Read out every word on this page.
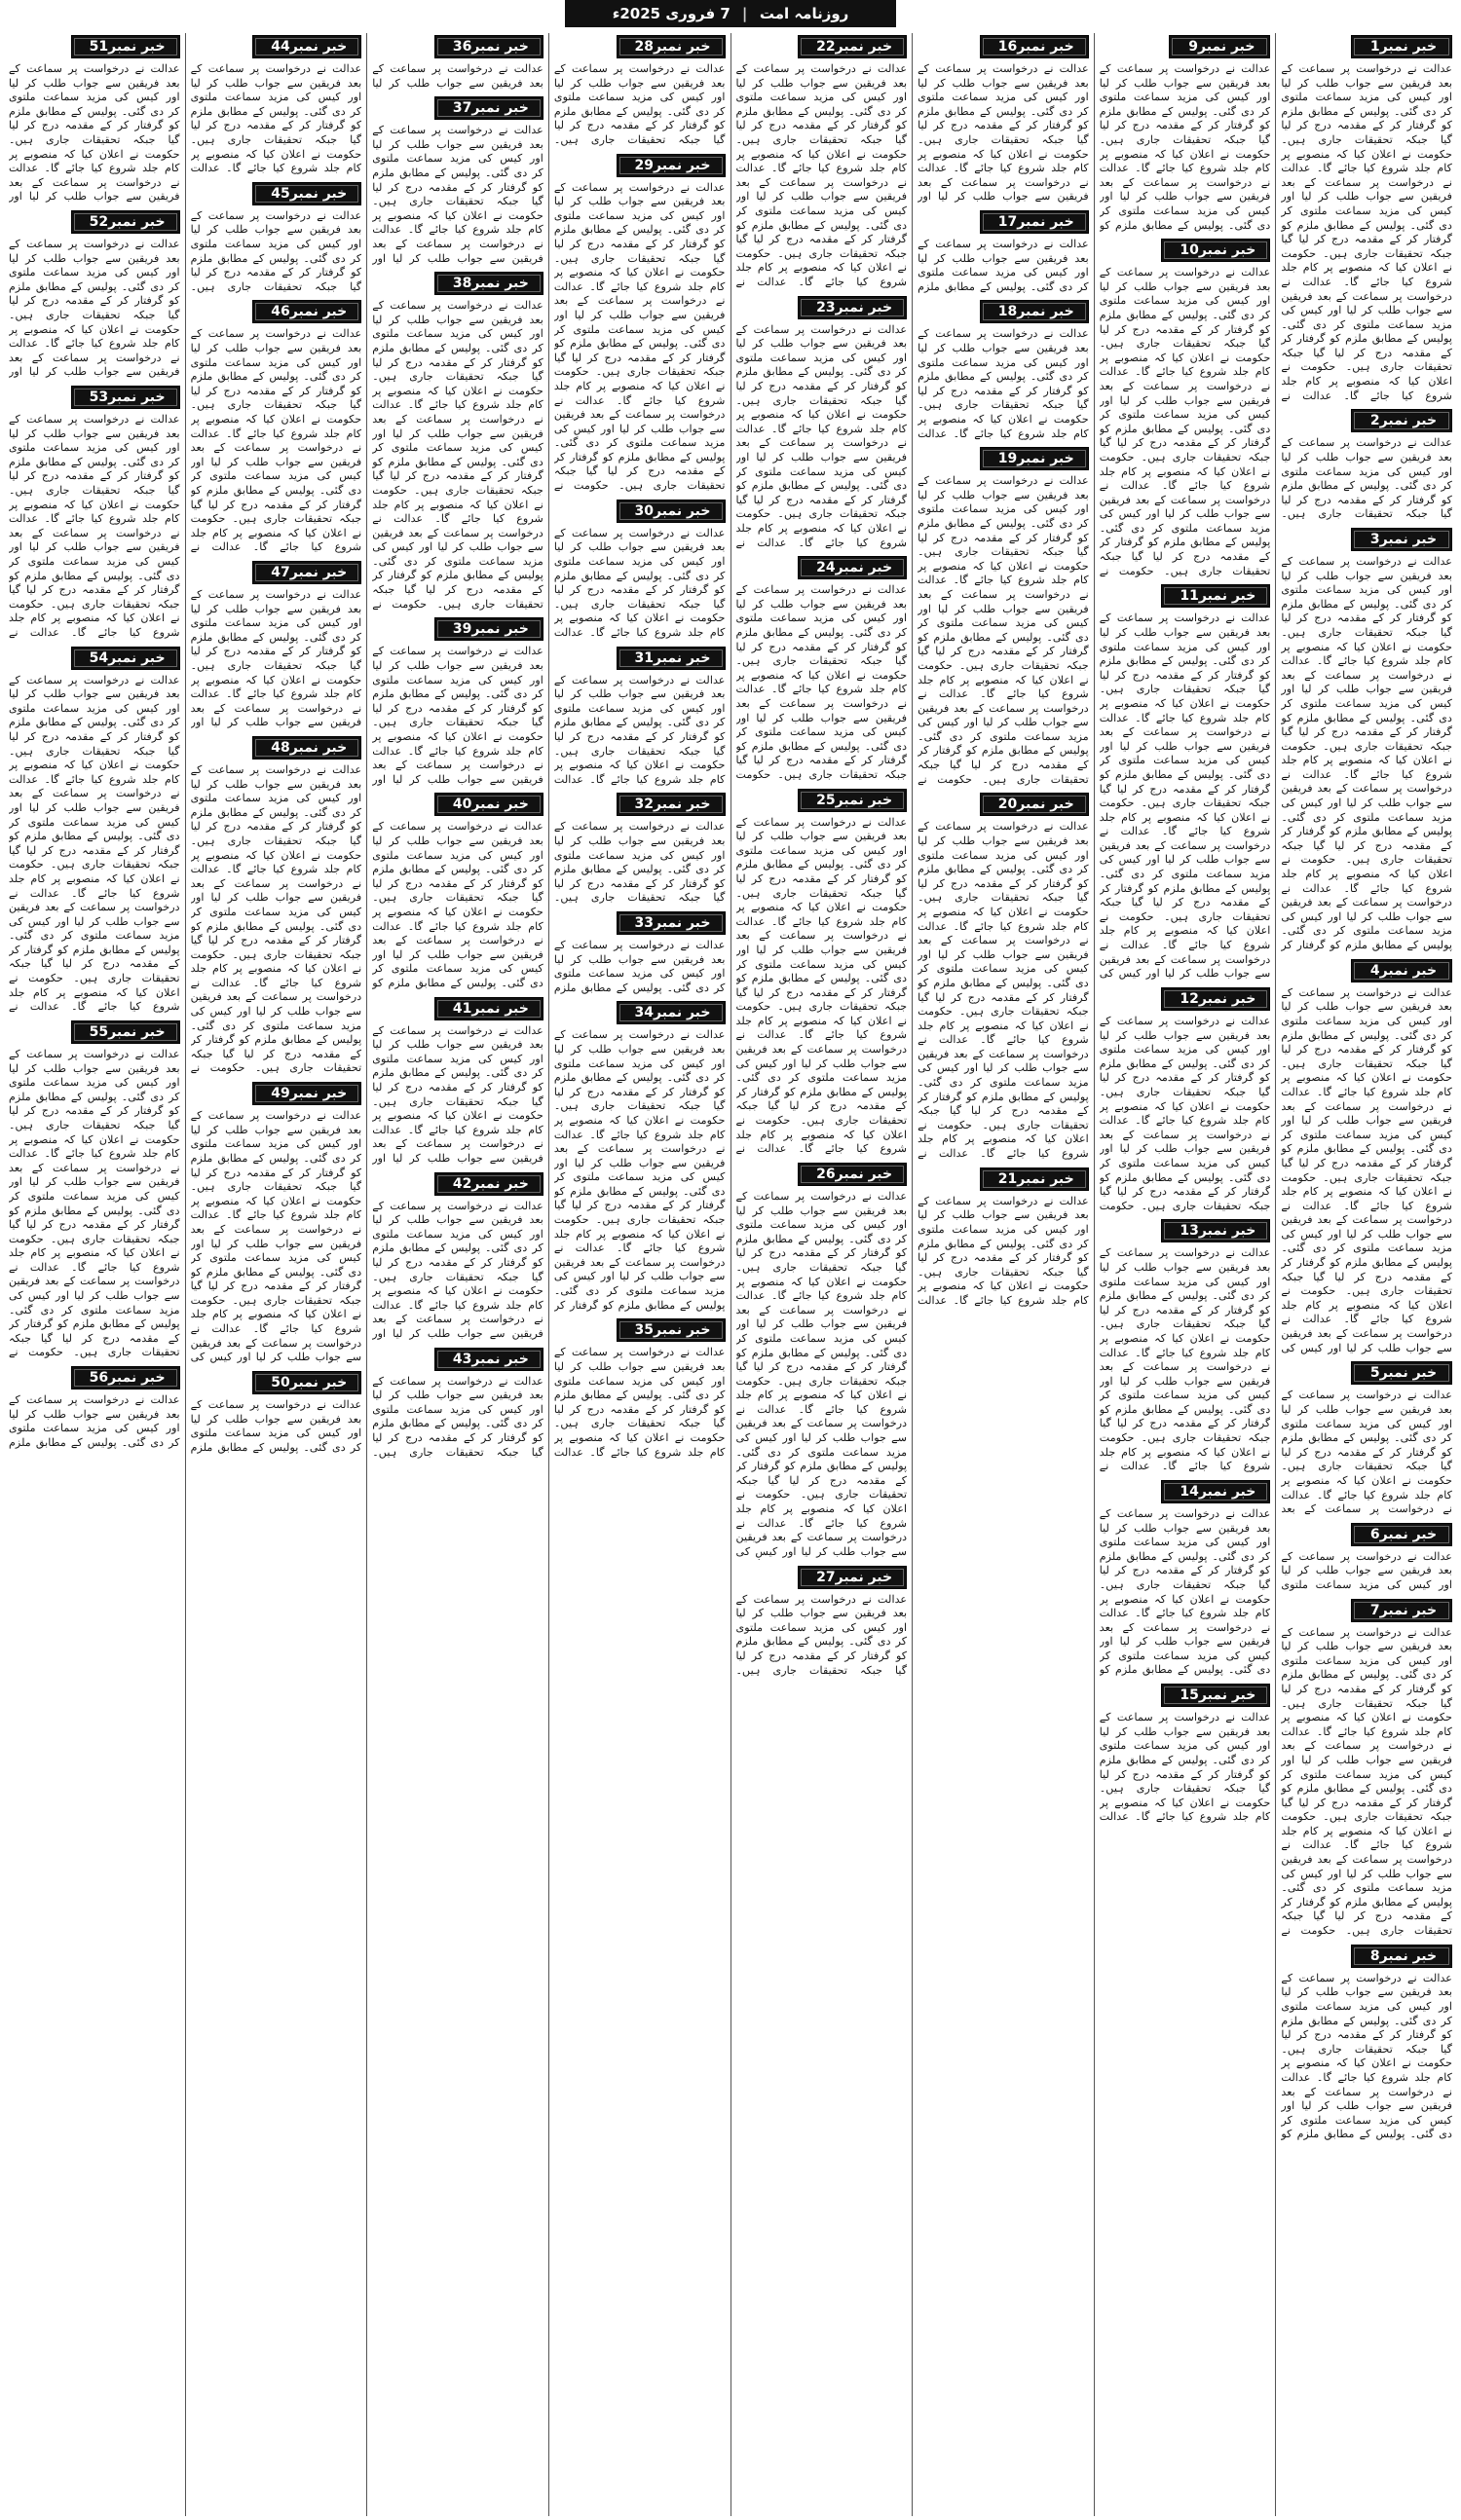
روزنامہ امت
|
7 فروری 2025ء
خبر نمبر1
عدالت نے درخواست پر سماعت کے بعد فریقین سے جواب طلب کر لیا اور کیس کی مزید سماعت ملتوی کر دی گئی۔ پولیس کے مطابق ملزم کو گرفتار کر کے مقدمہ درج کر لیا گیا جبکہ تحقیقات جاری ہیں۔ حکومت نے اعلان کیا کہ منصوبے پر کام جلد شروع کیا جائے گا۔ عدالت نے درخواست پر سماعت کے بعد فریقین سے جواب طلب کر لیا اور کیس کی مزید سماعت ملتوی کر دی گئی۔ پولیس کے مطابق ملزم کو گرفتار کر کے مقدمہ درج کر لیا گیا جبکہ تحقیقات جاری ہیں۔ حکومت نے اعلان کیا کہ منصوبے پر کام جلد شروع کیا جائے گا۔ عدالت نے درخواست پر سماعت کے بعد فریقین سے جواب طلب کر لیا اور کیس کی مزید سماعت ملتوی کر دی گئی۔ پولیس کے مطابق ملزم کو گرفتار کر کے مقدمہ درج کر لیا گیا جبکہ تحقیقات جاری ہیں۔ حکومت نے اعلان کیا کہ منصوبے پر کام جلد شروع کیا جائے گا۔ عدالت نے
خبر نمبر2
عدالت نے درخواست پر سماعت کے بعد فریقین سے جواب طلب کر لیا اور کیس کی مزید سماعت ملتوی کر دی گئی۔ پولیس کے مطابق ملزم کو گرفتار کر کے مقدمہ درج کر لیا گیا جبکہ تحقیقات جاری ہیں۔
خبر نمبر3
عدالت نے درخواست پر سماعت کے بعد فریقین سے جواب طلب کر لیا اور کیس کی مزید سماعت ملتوی کر دی گئی۔ پولیس کے مطابق ملزم کو گرفتار کر کے مقدمہ درج کر لیا گیا جبکہ تحقیقات جاری ہیں۔ حکومت نے اعلان کیا کہ منصوبے پر کام جلد شروع کیا جائے گا۔ عدالت نے درخواست پر سماعت کے بعد فریقین سے جواب طلب کر لیا اور کیس کی مزید سماعت ملتوی کر دی گئی۔ پولیس کے مطابق ملزم کو گرفتار کر کے مقدمہ درج کر لیا گیا جبکہ تحقیقات جاری ہیں۔ حکومت نے اعلان کیا کہ منصوبے پر کام جلد شروع کیا جائے گا۔ عدالت نے درخواست پر سماعت کے بعد فریقین سے جواب طلب کر لیا اور کیس کی مزید سماعت ملتوی کر دی گئی۔ پولیس کے مطابق ملزم کو گرفتار کر کے مقدمہ درج کر لیا گیا جبکہ تحقیقات جاری ہیں۔ حکومت نے اعلان کیا کہ منصوبے پر کام جلد شروع کیا جائے گا۔ عدالت نے درخواست پر سماعت کے بعد فریقین سے جواب طلب کر لیا اور کیس کی مزید سماعت ملتوی کر دی گئی۔ پولیس کے مطابق ملزم کو گرفتار کر
خبر نمبر4
عدالت نے درخواست پر سماعت کے بعد فریقین سے جواب طلب کر لیا اور کیس کی مزید سماعت ملتوی کر دی گئی۔ پولیس کے مطابق ملزم کو گرفتار کر کے مقدمہ درج کر لیا گیا جبکہ تحقیقات جاری ہیں۔ حکومت نے اعلان کیا کہ منصوبے پر کام جلد شروع کیا جائے گا۔ عدالت نے درخواست پر سماعت کے بعد فریقین سے جواب طلب کر لیا اور کیس کی مزید سماعت ملتوی کر دی گئی۔ پولیس کے مطابق ملزم کو گرفتار کر کے مقدمہ درج کر لیا گیا جبکہ تحقیقات جاری ہیں۔ حکومت نے اعلان کیا کہ منصوبے پر کام جلد شروع کیا جائے گا۔ عدالت نے درخواست پر سماعت کے بعد فریقین سے جواب طلب کر لیا اور کیس کی مزید سماعت ملتوی کر دی گئی۔ پولیس کے مطابق ملزم کو گرفتار کر کے مقدمہ درج کر لیا گیا جبکہ تحقیقات جاری ہیں۔ حکومت نے اعلان کیا کہ منصوبے پر کام جلد شروع کیا جائے گا۔ عدالت نے درخواست پر سماعت کے بعد فریقین سے جواب طلب کر لیا اور کیس کی
خبر نمبر5
عدالت نے درخواست پر سماعت کے بعد فریقین سے جواب طلب کر لیا اور کیس کی مزید سماعت ملتوی کر دی گئی۔ پولیس کے مطابق ملزم کو گرفتار کر کے مقدمہ درج کر لیا گیا جبکہ تحقیقات جاری ہیں۔ حکومت نے اعلان کیا کہ منصوبے پر کام جلد شروع کیا جائے گا۔ عدالت نے درخواست پر سماعت کے بعد
خبر نمبر6
عدالت نے درخواست پر سماعت کے بعد فریقین سے جواب طلب کر لیا اور کیس کی مزید سماعت ملتوی
خبر نمبر7
عدالت نے درخواست پر سماعت کے بعد فریقین سے جواب طلب کر لیا اور کیس کی مزید سماعت ملتوی کر دی گئی۔ پولیس کے مطابق ملزم کو گرفتار کر کے مقدمہ درج کر لیا گیا جبکہ تحقیقات جاری ہیں۔ حکومت نے اعلان کیا کہ منصوبے پر کام جلد شروع کیا جائے گا۔ عدالت نے درخواست پر سماعت کے بعد فریقین سے جواب طلب کر لیا اور کیس کی مزید سماعت ملتوی کر دی گئی۔ پولیس کے مطابق ملزم کو گرفتار کر کے مقدمہ درج کر لیا گیا جبکہ تحقیقات جاری ہیں۔ حکومت نے اعلان کیا کہ منصوبے پر کام جلد شروع کیا جائے گا۔ عدالت نے درخواست پر سماعت کے بعد فریقین سے جواب طلب کر لیا اور کیس کی مزید سماعت ملتوی کر دی گئی۔ پولیس کے مطابق ملزم کو گرفتار کر کے مقدمہ درج کر لیا گیا جبکہ تحقیقات جاری ہیں۔ حکومت نے
خبر نمبر8
عدالت نے درخواست پر سماعت کے بعد فریقین سے جواب طلب کر لیا اور کیس کی مزید سماعت ملتوی کر دی گئی۔ پولیس کے مطابق ملزم کو گرفتار کر کے مقدمہ درج کر لیا گیا جبکہ تحقیقات جاری ہیں۔ حکومت نے اعلان کیا کہ منصوبے پر کام جلد شروع کیا جائے گا۔ عدالت نے درخواست پر سماعت کے بعد فریقین سے جواب طلب کر لیا اور کیس کی مزید سماعت ملتوی کر دی گئی۔ پولیس کے مطابق ملزم کو
خبر نمبر9
عدالت نے درخواست پر سماعت کے بعد فریقین سے جواب طلب کر لیا اور کیس کی مزید سماعت ملتوی کر دی گئی۔ پولیس کے مطابق ملزم کو گرفتار کر کے مقدمہ درج کر لیا گیا جبکہ تحقیقات جاری ہیں۔ حکومت نے اعلان کیا کہ منصوبے پر کام جلد شروع کیا جائے گا۔ عدالت نے درخواست پر سماعت کے بعد فریقین سے جواب طلب کر لیا اور کیس کی مزید سماعت ملتوی کر دی گئی۔ پولیس کے مطابق ملزم کو
خبر نمبر10
عدالت نے درخواست پر سماعت کے بعد فریقین سے جواب طلب کر لیا اور کیس کی مزید سماعت ملتوی کر دی گئی۔ پولیس کے مطابق ملزم کو گرفتار کر کے مقدمہ درج کر لیا گیا جبکہ تحقیقات جاری ہیں۔ حکومت نے اعلان کیا کہ منصوبے پر کام جلد شروع کیا جائے گا۔ عدالت نے درخواست پر سماعت کے بعد فریقین سے جواب طلب کر لیا اور کیس کی مزید سماعت ملتوی کر دی گئی۔ پولیس کے مطابق ملزم کو گرفتار کر کے مقدمہ درج کر لیا گیا جبکہ تحقیقات جاری ہیں۔ حکومت نے اعلان کیا کہ منصوبے پر کام جلد شروع کیا جائے گا۔ عدالت نے درخواست پر سماعت کے بعد فریقین سے جواب طلب کر لیا اور کیس کی مزید سماعت ملتوی کر دی گئی۔ پولیس کے مطابق ملزم کو گرفتار کر کے مقدمہ درج کر لیا گیا جبکہ تحقیقات جاری ہیں۔ حکومت نے
خبر نمبر11
عدالت نے درخواست پر سماعت کے بعد فریقین سے جواب طلب کر لیا اور کیس کی مزید سماعت ملتوی کر دی گئی۔ پولیس کے مطابق ملزم کو گرفتار کر کے مقدمہ درج کر لیا گیا جبکہ تحقیقات جاری ہیں۔ حکومت نے اعلان کیا کہ منصوبے پر کام جلد شروع کیا جائے گا۔ عدالت نے درخواست پر سماعت کے بعد فریقین سے جواب طلب کر لیا اور کیس کی مزید سماعت ملتوی کر دی گئی۔ پولیس کے مطابق ملزم کو گرفتار کر کے مقدمہ درج کر لیا گیا جبکہ تحقیقات جاری ہیں۔ حکومت نے اعلان کیا کہ منصوبے پر کام جلد شروع کیا جائے گا۔ عدالت نے درخواست پر سماعت کے بعد فریقین سے جواب طلب کر لیا اور کیس کی مزید سماعت ملتوی کر دی گئی۔ پولیس کے مطابق ملزم کو گرفتار کر کے مقدمہ درج کر لیا گیا جبکہ تحقیقات جاری ہیں۔ حکومت نے اعلان کیا کہ منصوبے پر کام جلد شروع کیا جائے گا۔ عدالت نے درخواست پر سماعت کے بعد فریقین سے جواب طلب کر لیا اور کیس کی
خبر نمبر12
عدالت نے درخواست پر سماعت کے بعد فریقین سے جواب طلب کر لیا اور کیس کی مزید سماعت ملتوی کر دی گئی۔ پولیس کے مطابق ملزم کو گرفتار کر کے مقدمہ درج کر لیا گیا جبکہ تحقیقات جاری ہیں۔ حکومت نے اعلان کیا کہ منصوبے پر کام جلد شروع کیا جائے گا۔ عدالت نے درخواست پر سماعت کے بعد فریقین سے جواب طلب کر لیا اور کیس کی مزید سماعت ملتوی کر دی گئی۔ پولیس کے مطابق ملزم کو گرفتار کر کے مقدمہ درج کر لیا گیا جبکہ تحقیقات جاری ہیں۔ حکومت
خبر نمبر13
عدالت نے درخواست پر سماعت کے بعد فریقین سے جواب طلب کر لیا اور کیس کی مزید سماعت ملتوی کر دی گئی۔ پولیس کے مطابق ملزم کو گرفتار کر کے مقدمہ درج کر لیا گیا جبکہ تحقیقات جاری ہیں۔ حکومت نے اعلان کیا کہ منصوبے پر کام جلد شروع کیا جائے گا۔ عدالت نے درخواست پر سماعت کے بعد فریقین سے جواب طلب کر لیا اور کیس کی مزید سماعت ملتوی کر دی گئی۔ پولیس کے مطابق ملزم کو گرفتار کر کے مقدمہ درج کر لیا گیا جبکہ تحقیقات جاری ہیں۔ حکومت نے اعلان کیا کہ منصوبے پر کام جلد شروع کیا جائے گا۔ عدالت نے
خبر نمبر14
عدالت نے درخواست پر سماعت کے بعد فریقین سے جواب طلب کر لیا اور کیس کی مزید سماعت ملتوی کر دی گئی۔ پولیس کے مطابق ملزم کو گرفتار کر کے مقدمہ درج کر لیا گیا جبکہ تحقیقات جاری ہیں۔ حکومت نے اعلان کیا کہ منصوبے پر کام جلد شروع کیا جائے گا۔ عدالت نے درخواست پر سماعت کے بعد فریقین سے جواب طلب کر لیا اور کیس کی مزید سماعت ملتوی کر دی گئی۔ پولیس کے مطابق ملزم کو
خبر نمبر15
عدالت نے درخواست پر سماعت کے بعد فریقین سے جواب طلب کر لیا اور کیس کی مزید سماعت ملتوی کر دی گئی۔ پولیس کے مطابق ملزم کو گرفتار کر کے مقدمہ درج کر لیا گیا جبکہ تحقیقات جاری ہیں۔ حکومت نے اعلان کیا کہ منصوبے پر کام جلد شروع کیا جائے گا۔ عدالت
خبر نمبر16
عدالت نے درخواست پر سماعت کے بعد فریقین سے جواب طلب کر لیا اور کیس کی مزید سماعت ملتوی کر دی گئی۔ پولیس کے مطابق ملزم کو گرفتار کر کے مقدمہ درج کر لیا گیا جبکہ تحقیقات جاری ہیں۔ حکومت نے اعلان کیا کہ منصوبے پر کام جلد شروع کیا جائے گا۔ عدالت نے درخواست پر سماعت کے بعد فریقین سے جواب طلب کر لیا اور
خبر نمبر17
عدالت نے درخواست پر سماعت کے بعد فریقین سے جواب طلب کر لیا اور کیس کی مزید سماعت ملتوی کر دی گئی۔ پولیس کے مطابق ملزم
خبر نمبر18
عدالت نے درخواست پر سماعت کے بعد فریقین سے جواب طلب کر لیا اور کیس کی مزید سماعت ملتوی کر دی گئی۔ پولیس کے مطابق ملزم کو گرفتار کر کے مقدمہ درج کر لیا گیا جبکہ تحقیقات جاری ہیں۔ حکومت نے اعلان کیا کہ منصوبے پر کام جلد شروع کیا جائے گا۔ عدالت
خبر نمبر19
عدالت نے درخواست پر سماعت کے بعد فریقین سے جواب طلب کر لیا اور کیس کی مزید سماعت ملتوی کر دی گئی۔ پولیس کے مطابق ملزم کو گرفتار کر کے مقدمہ درج کر لیا گیا جبکہ تحقیقات جاری ہیں۔ حکومت نے اعلان کیا کہ منصوبے پر کام جلد شروع کیا جائے گا۔ عدالت نے درخواست پر سماعت کے بعد فریقین سے جواب طلب کر لیا اور کیس کی مزید سماعت ملتوی کر دی گئی۔ پولیس کے مطابق ملزم کو گرفتار کر کے مقدمہ درج کر لیا گیا جبکہ تحقیقات جاری ہیں۔ حکومت نے اعلان کیا کہ منصوبے پر کام جلد شروع کیا جائے گا۔ عدالت نے درخواست پر سماعت کے بعد فریقین سے جواب طلب کر لیا اور کیس کی مزید سماعت ملتوی کر دی گئی۔ پولیس کے مطابق ملزم کو گرفتار کر کے مقدمہ درج کر لیا گیا جبکہ تحقیقات جاری ہیں۔ حکومت نے
خبر نمبر20
عدالت نے درخواست پر سماعت کے بعد فریقین سے جواب طلب کر لیا اور کیس کی مزید سماعت ملتوی کر دی گئی۔ پولیس کے مطابق ملزم کو گرفتار کر کے مقدمہ درج کر لیا گیا جبکہ تحقیقات جاری ہیں۔ حکومت نے اعلان کیا کہ منصوبے پر کام جلد شروع کیا جائے گا۔ عدالت نے درخواست پر سماعت کے بعد فریقین سے جواب طلب کر لیا اور کیس کی مزید سماعت ملتوی کر دی گئی۔ پولیس کے مطابق ملزم کو گرفتار کر کے مقدمہ درج کر لیا گیا جبکہ تحقیقات جاری ہیں۔ حکومت نے اعلان کیا کہ منصوبے پر کام جلد شروع کیا جائے گا۔ عدالت نے درخواست پر سماعت کے بعد فریقین سے جواب طلب کر لیا اور کیس کی مزید سماعت ملتوی کر دی گئی۔ پولیس کے مطابق ملزم کو گرفتار کر کے مقدمہ درج کر لیا گیا جبکہ تحقیقات جاری ہیں۔ حکومت نے اعلان کیا کہ منصوبے پر کام جلد شروع کیا جائے گا۔ عدالت نے
خبر نمبر21
عدالت نے درخواست پر سماعت کے بعد فریقین سے جواب طلب کر لیا اور کیس کی مزید سماعت ملتوی کر دی گئی۔ پولیس کے مطابق ملزم کو گرفتار کر کے مقدمہ درج کر لیا گیا جبکہ تحقیقات جاری ہیں۔ حکومت نے اعلان کیا کہ منصوبے پر کام جلد شروع کیا جائے گا۔ عدالت
خبر نمبر22
عدالت نے درخواست پر سماعت کے بعد فریقین سے جواب طلب کر لیا اور کیس کی مزید سماعت ملتوی کر دی گئی۔ پولیس کے مطابق ملزم کو گرفتار کر کے مقدمہ درج کر لیا گیا جبکہ تحقیقات جاری ہیں۔ حکومت نے اعلان کیا کہ منصوبے پر کام جلد شروع کیا جائے گا۔ عدالت نے درخواست پر سماعت کے بعد فریقین سے جواب طلب کر لیا اور کیس کی مزید سماعت ملتوی کر دی گئی۔ پولیس کے مطابق ملزم کو گرفتار کر کے مقدمہ درج کر لیا گیا جبکہ تحقیقات جاری ہیں۔ حکومت نے اعلان کیا کہ منصوبے پر کام جلد شروع کیا جائے گا۔ عدالت نے
خبر نمبر23
عدالت نے درخواست پر سماعت کے بعد فریقین سے جواب طلب کر لیا اور کیس کی مزید سماعت ملتوی کر دی گئی۔ پولیس کے مطابق ملزم کو گرفتار کر کے مقدمہ درج کر لیا گیا جبکہ تحقیقات جاری ہیں۔ حکومت نے اعلان کیا کہ منصوبے پر کام جلد شروع کیا جائے گا۔ عدالت نے درخواست پر سماعت کے بعد فریقین سے جواب طلب کر لیا اور کیس کی مزید سماعت ملتوی کر دی گئی۔ پولیس کے مطابق ملزم کو گرفتار کر کے مقدمہ درج کر لیا گیا جبکہ تحقیقات جاری ہیں۔ حکومت نے اعلان کیا کہ منصوبے پر کام جلد شروع کیا جائے گا۔ عدالت نے
خبر نمبر24
عدالت نے درخواست پر سماعت کے بعد فریقین سے جواب طلب کر لیا اور کیس کی مزید سماعت ملتوی کر دی گئی۔ پولیس کے مطابق ملزم کو گرفتار کر کے مقدمہ درج کر لیا گیا جبکہ تحقیقات جاری ہیں۔ حکومت نے اعلان کیا کہ منصوبے پر کام جلد شروع کیا جائے گا۔ عدالت نے درخواست پر سماعت کے بعد فریقین سے جواب طلب کر لیا اور کیس کی مزید سماعت ملتوی کر دی گئی۔ پولیس کے مطابق ملزم کو گرفتار کر کے مقدمہ درج کر لیا گیا جبکہ تحقیقات جاری ہیں۔ حکومت
خبر نمبر25
عدالت نے درخواست پر سماعت کے بعد فریقین سے جواب طلب کر لیا اور کیس کی مزید سماعت ملتوی کر دی گئی۔ پولیس کے مطابق ملزم کو گرفتار کر کے مقدمہ درج کر لیا گیا جبکہ تحقیقات جاری ہیں۔ حکومت نے اعلان کیا کہ منصوبے پر کام جلد شروع کیا جائے گا۔ عدالت نے درخواست پر سماعت کے بعد فریقین سے جواب طلب کر لیا اور کیس کی مزید سماعت ملتوی کر دی گئی۔ پولیس کے مطابق ملزم کو گرفتار کر کے مقدمہ درج کر لیا گیا جبکہ تحقیقات جاری ہیں۔ حکومت نے اعلان کیا کہ منصوبے پر کام جلد شروع کیا جائے گا۔ عدالت نے درخواست پر سماعت کے بعد فریقین سے جواب طلب کر لیا اور کیس کی مزید سماعت ملتوی کر دی گئی۔ پولیس کے مطابق ملزم کو گرفتار کر کے مقدمہ درج کر لیا گیا جبکہ تحقیقات جاری ہیں۔ حکومت نے اعلان کیا کہ منصوبے پر کام جلد شروع کیا جائے گا۔ عدالت نے
خبر نمبر26
عدالت نے درخواست پر سماعت کے بعد فریقین سے جواب طلب کر لیا اور کیس کی مزید سماعت ملتوی کر دی گئی۔ پولیس کے مطابق ملزم کو گرفتار کر کے مقدمہ درج کر لیا گیا جبکہ تحقیقات جاری ہیں۔ حکومت نے اعلان کیا کہ منصوبے پر کام جلد شروع کیا جائے گا۔ عدالت نے درخواست پر سماعت کے بعد فریقین سے جواب طلب کر لیا اور کیس کی مزید سماعت ملتوی کر دی گئی۔ پولیس کے مطابق ملزم کو گرفتار کر کے مقدمہ درج کر لیا گیا جبکہ تحقیقات جاری ہیں۔ حکومت نے اعلان کیا کہ منصوبے پر کام جلد شروع کیا جائے گا۔ عدالت نے درخواست پر سماعت کے بعد فریقین سے جواب طلب کر لیا اور کیس کی مزید سماعت ملتوی کر دی گئی۔ پولیس کے مطابق ملزم کو گرفتار کر کے مقدمہ درج کر لیا گیا جبکہ تحقیقات جاری ہیں۔ حکومت نے اعلان کیا کہ منصوبے پر کام جلد شروع کیا جائے گا۔ عدالت نے درخواست پر سماعت کے بعد فریقین سے جواب طلب کر لیا اور کیس کی
خبر نمبر27
عدالت نے درخواست پر سماعت کے بعد فریقین سے جواب طلب کر لیا اور کیس کی مزید سماعت ملتوی کر دی گئی۔ پولیس کے مطابق ملزم کو گرفتار کر کے مقدمہ درج کر لیا گیا جبکہ تحقیقات جاری ہیں۔
خبر نمبر28
عدالت نے درخواست پر سماعت کے بعد فریقین سے جواب طلب کر لیا اور کیس کی مزید سماعت ملتوی کر دی گئی۔ پولیس کے مطابق ملزم کو گرفتار کر کے مقدمہ درج کر لیا گیا جبکہ تحقیقات جاری ہیں۔
خبر نمبر29
عدالت نے درخواست پر سماعت کے بعد فریقین سے جواب طلب کر لیا اور کیس کی مزید سماعت ملتوی کر دی گئی۔ پولیس کے مطابق ملزم کو گرفتار کر کے مقدمہ درج کر لیا گیا جبکہ تحقیقات جاری ہیں۔ حکومت نے اعلان کیا کہ منصوبے پر کام جلد شروع کیا جائے گا۔ عدالت نے درخواست پر سماعت کے بعد فریقین سے جواب طلب کر لیا اور کیس کی مزید سماعت ملتوی کر دی گئی۔ پولیس کے مطابق ملزم کو گرفتار کر کے مقدمہ درج کر لیا گیا جبکہ تحقیقات جاری ہیں۔ حکومت نے اعلان کیا کہ منصوبے پر کام جلد شروع کیا جائے گا۔ عدالت نے درخواست پر سماعت کے بعد فریقین سے جواب طلب کر لیا اور کیس کی مزید سماعت ملتوی کر دی گئی۔ پولیس کے مطابق ملزم کو گرفتار کر کے مقدمہ درج کر لیا گیا جبکہ تحقیقات جاری ہیں۔ حکومت نے
خبر نمبر30
عدالت نے درخواست پر سماعت کے بعد فریقین سے جواب طلب کر لیا اور کیس کی مزید سماعت ملتوی کر دی گئی۔ پولیس کے مطابق ملزم کو گرفتار کر کے مقدمہ درج کر لیا گیا جبکہ تحقیقات جاری ہیں۔ حکومت نے اعلان کیا کہ منصوبے پر کام جلد شروع کیا جائے گا۔ عدالت
خبر نمبر31
عدالت نے درخواست پر سماعت کے بعد فریقین سے جواب طلب کر لیا اور کیس کی مزید سماعت ملتوی کر دی گئی۔ پولیس کے مطابق ملزم کو گرفتار کر کے مقدمہ درج کر لیا گیا جبکہ تحقیقات جاری ہیں۔ حکومت نے اعلان کیا کہ منصوبے پر کام جلد شروع کیا جائے گا۔ عدالت
خبر نمبر32
عدالت نے درخواست پر سماعت کے بعد فریقین سے جواب طلب کر لیا اور کیس کی مزید سماعت ملتوی کر دی گئی۔ پولیس کے مطابق ملزم کو گرفتار کر کے مقدمہ درج کر لیا گیا جبکہ تحقیقات جاری ہیں۔
خبر نمبر33
عدالت نے درخواست پر سماعت کے بعد فریقین سے جواب طلب کر لیا اور کیس کی مزید سماعت ملتوی کر دی گئی۔ پولیس کے مطابق ملزم
خبر نمبر34
عدالت نے درخواست پر سماعت کے بعد فریقین سے جواب طلب کر لیا اور کیس کی مزید سماعت ملتوی کر دی گئی۔ پولیس کے مطابق ملزم کو گرفتار کر کے مقدمہ درج کر لیا گیا جبکہ تحقیقات جاری ہیں۔ حکومت نے اعلان کیا کہ منصوبے پر کام جلد شروع کیا جائے گا۔ عدالت نے درخواست پر سماعت کے بعد فریقین سے جواب طلب کر لیا اور کیس کی مزید سماعت ملتوی کر دی گئی۔ پولیس کے مطابق ملزم کو گرفتار کر کے مقدمہ درج کر لیا گیا جبکہ تحقیقات جاری ہیں۔ حکومت نے اعلان کیا کہ منصوبے پر کام جلد شروع کیا جائے گا۔ عدالت نے درخواست پر سماعت کے بعد فریقین سے جواب طلب کر لیا اور کیس کی مزید سماعت ملتوی کر دی گئی۔ پولیس کے مطابق ملزم کو گرفتار کر
خبر نمبر35
عدالت نے درخواست پر سماعت کے بعد فریقین سے جواب طلب کر لیا اور کیس کی مزید سماعت ملتوی کر دی گئی۔ پولیس کے مطابق ملزم کو گرفتار کر کے مقدمہ درج کر لیا گیا جبکہ تحقیقات جاری ہیں۔ حکومت نے اعلان کیا کہ منصوبے پر کام جلد شروع کیا جائے گا۔ عدالت
خبر نمبر36
عدالت نے درخواست پر سماعت کے بعد فریقین سے جواب طلب کر لیا
خبر نمبر37
عدالت نے درخواست پر سماعت کے بعد فریقین سے جواب طلب کر لیا اور کیس کی مزید سماعت ملتوی کر دی گئی۔ پولیس کے مطابق ملزم کو گرفتار کر کے مقدمہ درج کر لیا گیا جبکہ تحقیقات جاری ہیں۔ حکومت نے اعلان کیا کہ منصوبے پر کام جلد شروع کیا جائے گا۔ عدالت نے درخواست پر سماعت کے بعد فریقین سے جواب طلب کر لیا اور
خبر نمبر38
عدالت نے درخواست پر سماعت کے بعد فریقین سے جواب طلب کر لیا اور کیس کی مزید سماعت ملتوی کر دی گئی۔ پولیس کے مطابق ملزم کو گرفتار کر کے مقدمہ درج کر لیا گیا جبکہ تحقیقات جاری ہیں۔ حکومت نے اعلان کیا کہ منصوبے پر کام جلد شروع کیا جائے گا۔ عدالت نے درخواست پر سماعت کے بعد فریقین سے جواب طلب کر لیا اور کیس کی مزید سماعت ملتوی کر دی گئی۔ پولیس کے مطابق ملزم کو گرفتار کر کے مقدمہ درج کر لیا گیا جبکہ تحقیقات جاری ہیں۔ حکومت نے اعلان کیا کہ منصوبے پر کام جلد شروع کیا جائے گا۔ عدالت نے درخواست پر سماعت کے بعد فریقین سے جواب طلب کر لیا اور کیس کی مزید سماعت ملتوی کر دی گئی۔ پولیس کے مطابق ملزم کو گرفتار کر کے مقدمہ درج کر لیا گیا جبکہ تحقیقات جاری ہیں۔ حکومت نے
خبر نمبر39
عدالت نے درخواست پر سماعت کے بعد فریقین سے جواب طلب کر لیا اور کیس کی مزید سماعت ملتوی کر دی گئی۔ پولیس کے مطابق ملزم کو گرفتار کر کے مقدمہ درج کر لیا گیا جبکہ تحقیقات جاری ہیں۔ حکومت نے اعلان کیا کہ منصوبے پر کام جلد شروع کیا جائے گا۔ عدالت نے درخواست پر سماعت کے بعد فریقین سے جواب طلب کر لیا اور
خبر نمبر40
عدالت نے درخواست پر سماعت کے بعد فریقین سے جواب طلب کر لیا اور کیس کی مزید سماعت ملتوی کر دی گئی۔ پولیس کے مطابق ملزم کو گرفتار کر کے مقدمہ درج کر لیا گیا جبکہ تحقیقات جاری ہیں۔ حکومت نے اعلان کیا کہ منصوبے پر کام جلد شروع کیا جائے گا۔ عدالت نے درخواست پر سماعت کے بعد فریقین سے جواب طلب کر لیا اور کیس کی مزید سماعت ملتوی کر دی گئی۔ پولیس کے مطابق ملزم کو
خبر نمبر41
عدالت نے درخواست پر سماعت کے بعد فریقین سے جواب طلب کر لیا اور کیس کی مزید سماعت ملتوی کر دی گئی۔ پولیس کے مطابق ملزم کو گرفتار کر کے مقدمہ درج کر لیا گیا جبکہ تحقیقات جاری ہیں۔ حکومت نے اعلان کیا کہ منصوبے پر کام جلد شروع کیا جائے گا۔ عدالت نے درخواست پر سماعت کے بعد فریقین سے جواب طلب کر لیا اور
خبر نمبر42
عدالت نے درخواست پر سماعت کے بعد فریقین سے جواب طلب کر لیا اور کیس کی مزید سماعت ملتوی کر دی گئی۔ پولیس کے مطابق ملزم کو گرفتار کر کے مقدمہ درج کر لیا گیا جبکہ تحقیقات جاری ہیں۔ حکومت نے اعلان کیا کہ منصوبے پر کام جلد شروع کیا جائے گا۔ عدالت نے درخواست پر سماعت کے بعد فریقین سے جواب طلب کر لیا اور
خبر نمبر43
عدالت نے درخواست پر سماعت کے بعد فریقین سے جواب طلب کر لیا اور کیس کی مزید سماعت ملتوی کر دی گئی۔ پولیس کے مطابق ملزم کو گرفتار کر کے مقدمہ درج کر لیا گیا جبکہ تحقیقات جاری ہیں۔
خبر نمبر44
عدالت نے درخواست پر سماعت کے بعد فریقین سے جواب طلب کر لیا اور کیس کی مزید سماعت ملتوی کر دی گئی۔ پولیس کے مطابق ملزم کو گرفتار کر کے مقدمہ درج کر لیا گیا جبکہ تحقیقات جاری ہیں۔ حکومت نے اعلان کیا کہ منصوبے پر کام جلد شروع کیا جائے گا۔ عدالت
خبر نمبر45
عدالت نے درخواست پر سماعت کے بعد فریقین سے جواب طلب کر لیا اور کیس کی مزید سماعت ملتوی کر دی گئی۔ پولیس کے مطابق ملزم کو گرفتار کر کے مقدمہ درج کر لیا گیا جبکہ تحقیقات جاری ہیں۔
خبر نمبر46
عدالت نے درخواست پر سماعت کے بعد فریقین سے جواب طلب کر لیا اور کیس کی مزید سماعت ملتوی کر دی گئی۔ پولیس کے مطابق ملزم کو گرفتار کر کے مقدمہ درج کر لیا گیا جبکہ تحقیقات جاری ہیں۔ حکومت نے اعلان کیا کہ منصوبے پر کام جلد شروع کیا جائے گا۔ عدالت نے درخواست پر سماعت کے بعد فریقین سے جواب طلب کر لیا اور کیس کی مزید سماعت ملتوی کر دی گئی۔ پولیس کے مطابق ملزم کو گرفتار کر کے مقدمہ درج کر لیا گیا جبکہ تحقیقات جاری ہیں۔ حکومت نے اعلان کیا کہ منصوبے پر کام جلد شروع کیا جائے گا۔ عدالت نے
خبر نمبر47
عدالت نے درخواست پر سماعت کے بعد فریقین سے جواب طلب کر لیا اور کیس کی مزید سماعت ملتوی کر دی گئی۔ پولیس کے مطابق ملزم کو گرفتار کر کے مقدمہ درج کر لیا گیا جبکہ تحقیقات جاری ہیں۔ حکومت نے اعلان کیا کہ منصوبے پر کام جلد شروع کیا جائے گا۔ عدالت نے درخواست پر سماعت کے بعد فریقین سے جواب طلب کر لیا اور
خبر نمبر48
عدالت نے درخواست پر سماعت کے بعد فریقین سے جواب طلب کر لیا اور کیس کی مزید سماعت ملتوی کر دی گئی۔ پولیس کے مطابق ملزم کو گرفتار کر کے مقدمہ درج کر لیا گیا جبکہ تحقیقات جاری ہیں۔ حکومت نے اعلان کیا کہ منصوبے پر کام جلد شروع کیا جائے گا۔ عدالت نے درخواست پر سماعت کے بعد فریقین سے جواب طلب کر لیا اور کیس کی مزید سماعت ملتوی کر دی گئی۔ پولیس کے مطابق ملزم کو گرفتار کر کے مقدمہ درج کر لیا گیا جبکہ تحقیقات جاری ہیں۔ حکومت نے اعلان کیا کہ منصوبے پر کام جلد شروع کیا جائے گا۔ عدالت نے درخواست پر سماعت کے بعد فریقین سے جواب طلب کر لیا اور کیس کی مزید سماعت ملتوی کر دی گئی۔ پولیس کے مطابق ملزم کو گرفتار کر کے مقدمہ درج کر لیا گیا جبکہ تحقیقات جاری ہیں۔ حکومت نے
خبر نمبر49
عدالت نے درخواست پر سماعت کے بعد فریقین سے جواب طلب کر لیا اور کیس کی مزید سماعت ملتوی کر دی گئی۔ پولیس کے مطابق ملزم کو گرفتار کر کے مقدمہ درج کر لیا گیا جبکہ تحقیقات جاری ہیں۔ حکومت نے اعلان کیا کہ منصوبے پر کام جلد شروع کیا جائے گا۔ عدالت نے درخواست پر سماعت کے بعد فریقین سے جواب طلب کر لیا اور کیس کی مزید سماعت ملتوی کر دی گئی۔ پولیس کے مطابق ملزم کو گرفتار کر کے مقدمہ درج کر لیا گیا جبکہ تحقیقات جاری ہیں۔ حکومت نے اعلان کیا کہ منصوبے پر کام جلد شروع کیا جائے گا۔ عدالت نے درخواست پر سماعت کے بعد فریقین سے جواب طلب کر لیا اور کیس کی
خبر نمبر50
عدالت نے درخواست پر سماعت کے بعد فریقین سے جواب طلب کر لیا اور کیس کی مزید سماعت ملتوی کر دی گئی۔ پولیس کے مطابق ملزم
خبر نمبر51
عدالت نے درخواست پر سماعت کے بعد فریقین سے جواب طلب کر لیا اور کیس کی مزید سماعت ملتوی کر دی گئی۔ پولیس کے مطابق ملزم کو گرفتار کر کے مقدمہ درج کر لیا گیا جبکہ تحقیقات جاری ہیں۔ حکومت نے اعلان کیا کہ منصوبے پر کام جلد شروع کیا جائے گا۔ عدالت نے درخواست پر سماعت کے بعد فریقین سے جواب طلب کر لیا اور
خبر نمبر52
عدالت نے درخواست پر سماعت کے بعد فریقین سے جواب طلب کر لیا اور کیس کی مزید سماعت ملتوی کر دی گئی۔ پولیس کے مطابق ملزم کو گرفتار کر کے مقدمہ درج کر لیا گیا جبکہ تحقیقات جاری ہیں۔ حکومت نے اعلان کیا کہ منصوبے پر کام جلد شروع کیا جائے گا۔ عدالت نے درخواست پر سماعت کے بعد فریقین سے جواب طلب کر لیا اور
خبر نمبر53
عدالت نے درخواست پر سماعت کے بعد فریقین سے جواب طلب کر لیا اور کیس کی مزید سماعت ملتوی کر دی گئی۔ پولیس کے مطابق ملزم کو گرفتار کر کے مقدمہ درج کر لیا گیا جبکہ تحقیقات جاری ہیں۔ حکومت نے اعلان کیا کہ منصوبے پر کام جلد شروع کیا جائے گا۔ عدالت نے درخواست پر سماعت کے بعد فریقین سے جواب طلب کر لیا اور کیس کی مزید سماعت ملتوی کر دی گئی۔ پولیس کے مطابق ملزم کو گرفتار کر کے مقدمہ درج کر لیا گیا جبکہ تحقیقات جاری ہیں۔ حکومت نے اعلان کیا کہ منصوبے پر کام جلد شروع کیا جائے گا۔ عدالت نے
خبر نمبر54
عدالت نے درخواست پر سماعت کے بعد فریقین سے جواب طلب کر لیا اور کیس کی مزید سماعت ملتوی کر دی گئی۔ پولیس کے مطابق ملزم کو گرفتار کر کے مقدمہ درج کر لیا گیا جبکہ تحقیقات جاری ہیں۔ حکومت نے اعلان کیا کہ منصوبے پر کام جلد شروع کیا جائے گا۔ عدالت نے درخواست پر سماعت کے بعد فریقین سے جواب طلب کر لیا اور کیس کی مزید سماعت ملتوی کر دی گئی۔ پولیس کے مطابق ملزم کو گرفتار کر کے مقدمہ درج کر لیا گیا جبکہ تحقیقات جاری ہیں۔ حکومت نے اعلان کیا کہ منصوبے پر کام جلد شروع کیا جائے گا۔ عدالت نے درخواست پر سماعت کے بعد فریقین سے جواب طلب کر لیا اور کیس کی مزید سماعت ملتوی کر دی گئی۔ پولیس کے مطابق ملزم کو گرفتار کر کے مقدمہ درج کر لیا گیا جبکہ تحقیقات جاری ہیں۔ حکومت نے اعلان کیا کہ منصوبے پر کام جلد شروع کیا جائے گا۔ عدالت نے
خبر نمبر55
عدالت نے درخواست پر سماعت کے بعد فریقین سے جواب طلب کر لیا اور کیس کی مزید سماعت ملتوی کر دی گئی۔ پولیس کے مطابق ملزم کو گرفتار کر کے مقدمہ درج کر لیا گیا جبکہ تحقیقات جاری ہیں۔ حکومت نے اعلان کیا کہ منصوبے پر کام جلد شروع کیا جائے گا۔ عدالت نے درخواست پر سماعت کے بعد فریقین سے جواب طلب کر لیا اور کیس کی مزید سماعت ملتوی کر دی گئی۔ پولیس کے مطابق ملزم کو گرفتار کر کے مقدمہ درج کر لیا گیا جبکہ تحقیقات جاری ہیں۔ حکومت نے اعلان کیا کہ منصوبے پر کام جلد شروع کیا جائے گا۔ عدالت نے درخواست پر سماعت کے بعد فریقین سے جواب طلب کر لیا اور کیس کی مزید سماعت ملتوی کر دی گئی۔ پولیس کے مطابق ملزم کو گرفتار کر کے مقدمہ درج کر لیا گیا جبکہ تحقیقات جاری ہیں۔ حکومت نے
خبر نمبر56
عدالت نے درخواست پر سماعت کے بعد فریقین سے جواب طلب کر لیا اور کیس کی مزید سماعت ملتوی کر دی گئی۔ پولیس کے مطابق ملزم
